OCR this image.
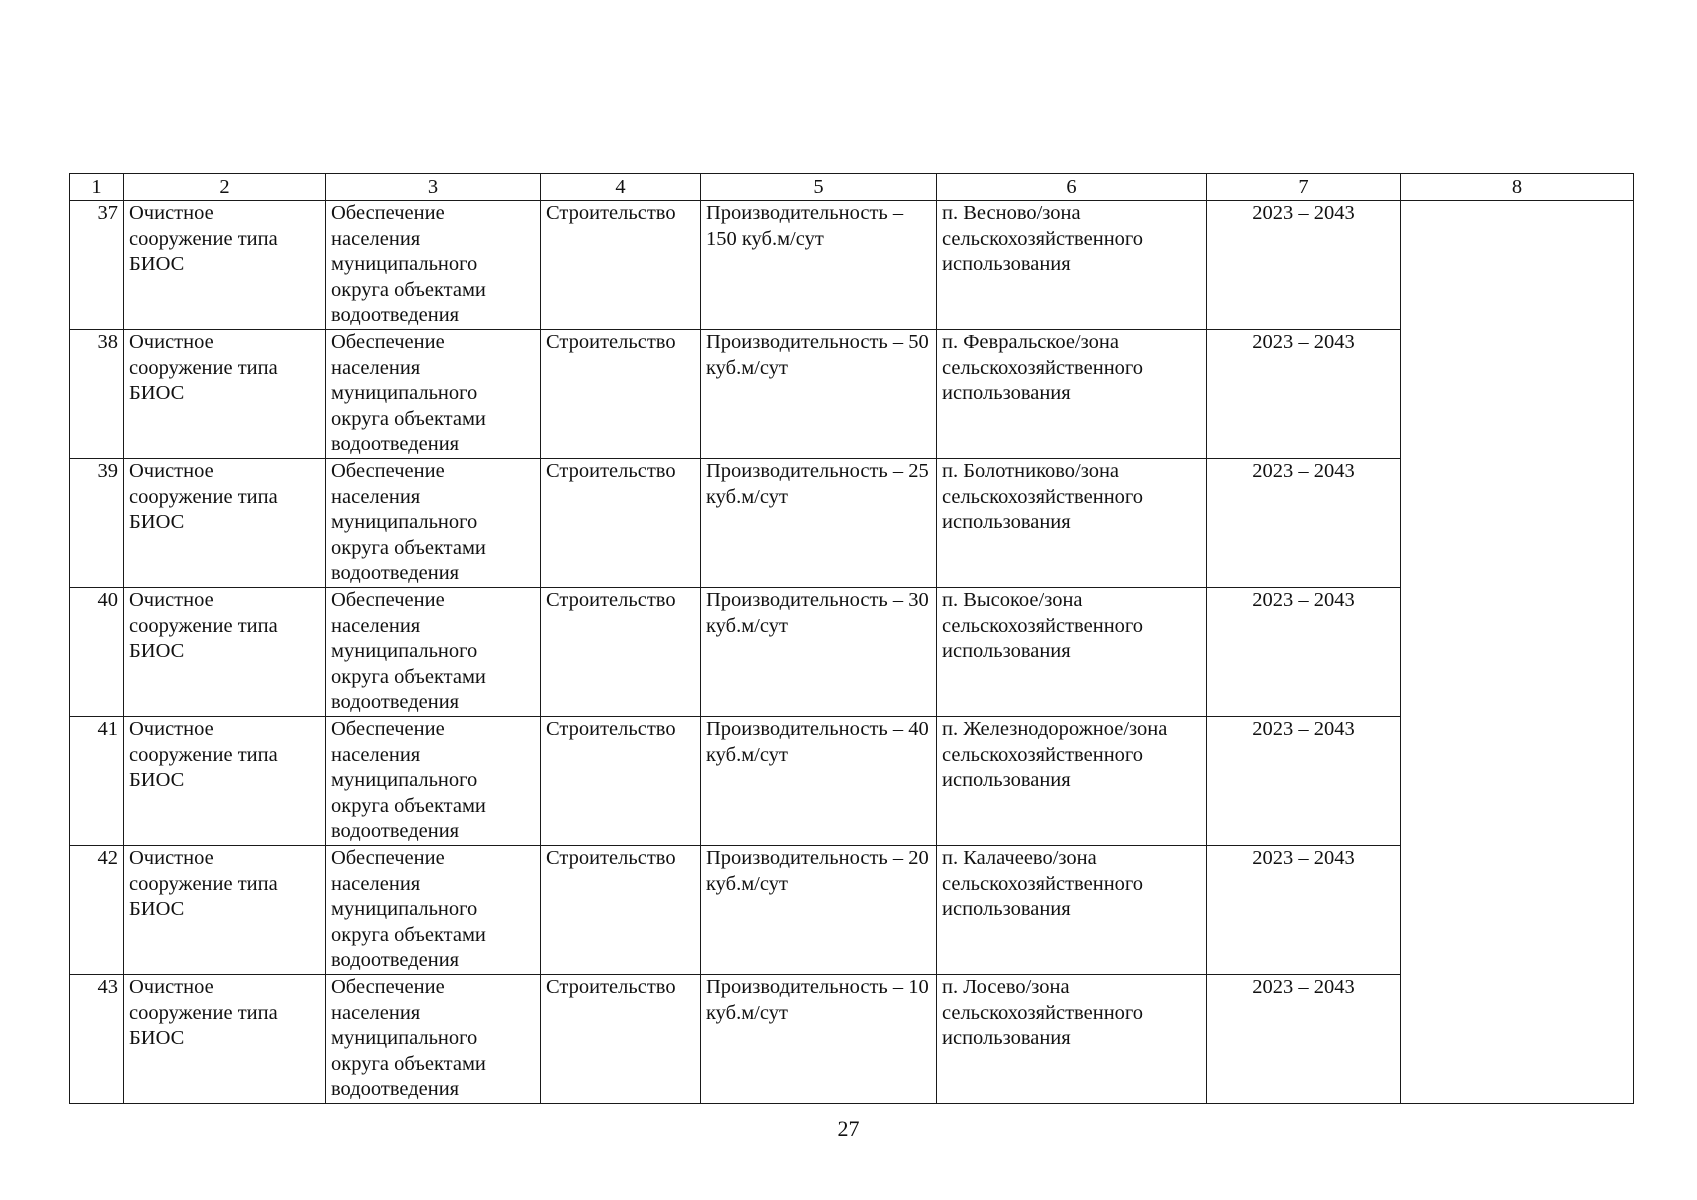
1	2	3	4	5	6	7	8
37	Очистное сооружение типа БИОС	Обеспечение населения муниципального округа объектами водоотведения	Строительство	Производительность – 150 куб.м/сут	п. Весново/зона сельскохозяйственного использования	2023 – 2043	
38	Очистное сооружение типа БИОС	Обеспечение населения муниципального округа объектами водоотведения	Строительство	Производительность – 50 куб.м/сут	п. Февральское/зона сельскохозяйственного использования	2023 – 2043	
39	Очистное сооружение типа БИОС	Обеспечение населения муниципального округа объектами водоотведения	Строительство	Производительность – 25 куб.м/сут	п. Болотниково/зона сельскохозяйственного использования	2023 – 2043	
40	Очистное сооружение типа БИОС	Обеспечение населения муниципального округа объектами водоотведения	Строительство	Производительность – 30 куб.м/сут	п. Высокое/зона сельскохозяйственного использования	2023 – 2043	
41	Очистное сооружение типа БИОС	Обеспечение населения муниципального округа объектами водоотведения	Строительство	Производительность – 40 куб.м/сут	п. Железнодорожное/зона сельскохозяйственного использования	2023 – 2043	
42	Очистное сооружение типа БИОС	Обеспечение населения муниципального округа объектами водоотведения	Строительство	Производительность – 20 куб.м/сут	п. Калачеево/зона сельскохозяйственного использования	2023 – 2043	
43	Очистное сооружение типа БИОС	Обеспечение населения муниципального округа объектами водоотведения	Строительство	Производительность – 10 куб.м/сут	п. Лосево/зона сельскохозяйственного использования	2023 – 2043	
27
